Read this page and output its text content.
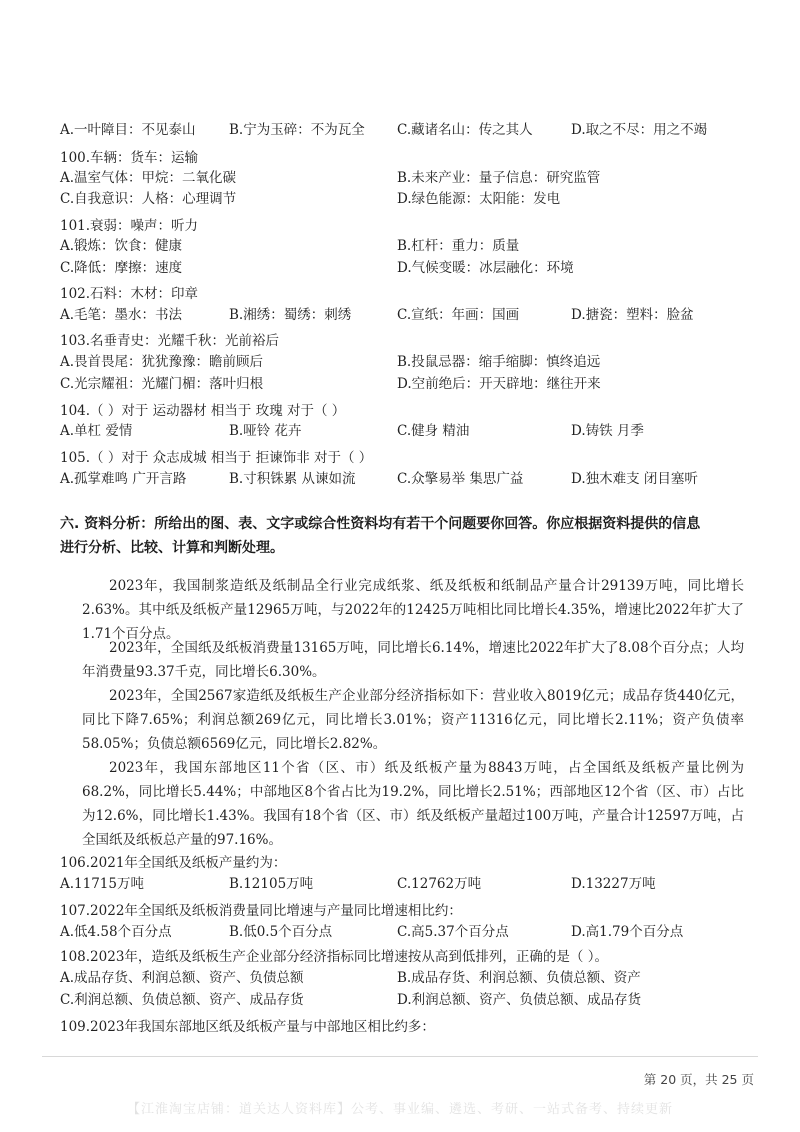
A.一叶障目：不见泰山 B.宁为玉碎：不为瓦全 C.藏诸名山：传之其人	D.取之不尽：用之不竭
100.车辆：货车：运输
A.温室气体：甲烷：二氧化碳	B.未来产业：量子信息：研究监管
C.自我意识：人格：心理调节	D.绿色能源：太阳能：发电
101.衰弱：噪声：听力
A.锻炼：饮食：健康	B.杠杆：重力：质量
C.降低：摩擦：速度	D.气候变暖：冰层融化：环境
102.石料：木材：印章
A.毛笔：墨水：书法	B.湘绣：蜀绣：刺绣	C.宣纸：年画：国画	D.搪瓷：塑料：脸盆
103.名垂青史：光耀千秋：光前裕后
A.畏首畏尾：犹犹豫豫：瞻前顾后	B.投鼠忌器：缩手缩脚：慎终追远
C.光宗耀祖：光耀门楣：落叶归根	D.空前绝后：开天辟地：继往开来
104.（ ）对于 运动器材 相当于 玫瑰 对于（ ）
A.单杠 爱情	B.哑铃 花卉	C.健身 精油	D.铸铁 月季
105.（ ）对于 众志成城 相当于 拒谏饰非 对于（ ）
A.孤掌难鸣 广开言路	B.寸积铢累 从谏如流	C.众擎易举 集思广益	D.独木难支 闭目塞听
六. 资料分析：所给出的图、表、文字或综合性资料均有若干个问题要你回答。你应根据资料提供的信息
进行分析、比较、计算和判断处理。
2023年，我国制浆造纸及纸制品全行业完成纸浆、纸及纸板和纸制品产量合计29139万吨，同比增长2.63%。其中纸及纸板产量12965万吨，与2022年的12425万吨相比同比增长4.35%，增速比2022年扩大了1.71个百分点。
2023年，全国纸及纸板消费量13165万吨，同比增长6.14%，增速比2022年扩大了8.08个百分点；人均年消费量93.37千克，同比增长6.30%。
2023年，全国2567家造纸及纸板生产企业部分经济指标如下：营业收入8019亿元；成品存货440亿元，同比下降7.65%；利润总额269亿元，同比增长3.01%；资产11316亿元，同比增长2.11%；资产负债率58.05%；负债总额6569亿元，同比增长2.82%。
2023年，我国东部地区11个省（区、市）纸及纸板产量为8843万吨，占全国纸及纸板产量比例为68.2%，同比增长5.44%；中部地区8个省占比为19.2%，同比增长2.51%；西部地区12个省（区、市）占比为12.6%，同比增长1.43%。我国有18个省（区、市）纸及纸板产量超过100万吨，产量合计12597万吨，占全国纸及纸板总产量的97.16%。
106.2021年全国纸及纸板产量约为：
A.11715万吨	B.12105万吨	C.12762万吨	D.13227万吨
107.2022年全国纸及纸板消费量同比增速与产量同比增速相比约：
A.低4.58个百分点	B.低0.5个百分点	C.高5.37个百分点	D.高1.79个百分点
108.2023年，造纸及纸板生产企业部分经济指标同比增速按从高到低排列，正确的是（ ）。
A.成品存货、利润总额、资产、负债总额	B.成品存货、利润总额、负债总额、资产
C.利润总额、负债总额、资产、成品存货	D.利润总额、资产、负债总额、成品存货
109.2023年我国东部地区纸及纸板产量与中部地区相比约多：
第 20 页，共 25 页
【江淮淘宝店铺：道关达人资料库】公考、事业编、遴选、考研、一站式备考、持续更新
